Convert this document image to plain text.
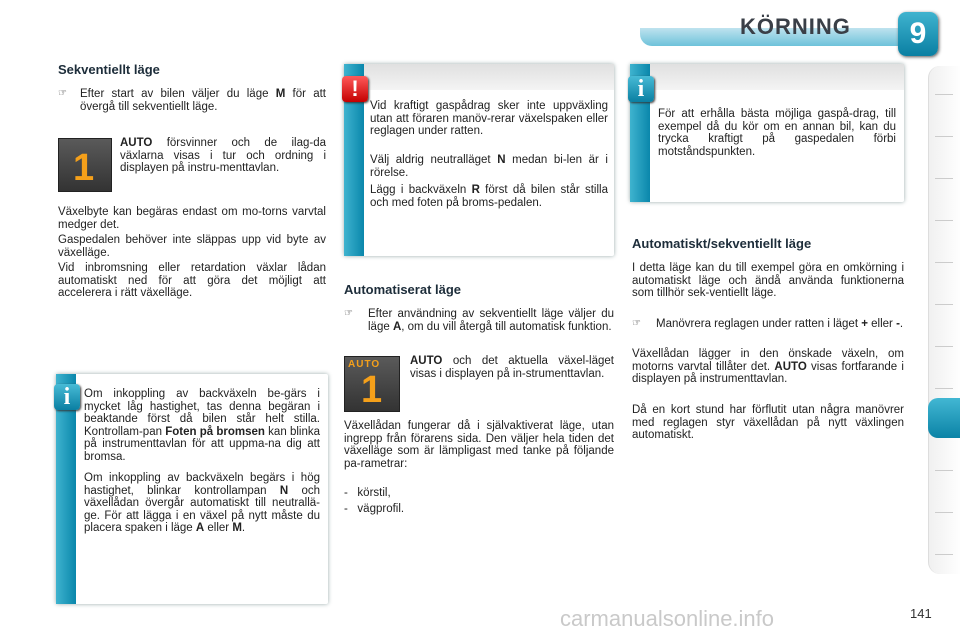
KÖRNING	9
Sekventiellt läge
☞ Efter start av bilen väljer du läge M för att övergå till sekventiellt läge.
1

AUTO försvinner och de ilag-da växlarna visas i tur och ordning i displayen på instru-menttavlan.

Växelbyte kan begäras endast om mo-torns varvtal medger det.

Gaspedalen behöver inte släppas upp vid byte av växelläge.

Vid inbromsning eller retardation växlar lådan automatiskt ned för att göra det möjligt att accelerera i rätt växelläge.

i	Om inkoppling av backväxeln be-gärs i mycket låg hastighet, tas denna begäran i beaktande först då bilen står helt stilla. Kontrollam-pan Foten på bromsen kan blinka på instrumenttavlan för att uppma-na dig att bromsa.

Om inkoppling av backväxeln begärs i hög hastighet, blinkar kontrollampan N och växellådan övergår automatiskt till neutrallä-ge. För att lägga i en växel på nytt måste du placera spaken i läge A eller M.

!

Vid kraftigt gaspådrag sker inte uppväxling utan att föraren manöv-rerar växelspaken eller reglagen under ratten.

Välj aldrig neutralläget N medan bi-len är i rörelse.

Lägg i backväxeln R först då bilen står stilla och med foten på broms-pedalen.

Automatiserat läge
☞ Efter användning av sekventiellt läge väljer du läge A, om du vill återgå till automatisk funktion.
AUTO
1

AUTO och det aktuella växel-läget visas i displayen på in-strumenttavlan.

Växellådan fungerar då i självaktiverat läge, utan ingrepp från förarens sida. Den väljer hela tiden det växelläge som är lämpligast med tanke på följande pa-rametrar:

-   körstil,
-   vägprofil.
i

För att erhålla bästa möjliga gaspå-drag, till exempel då du kör om en annan bil, kan du trycka kraftigt på gaspedalen förbi motståndspunkten.

Automatiskt/sekventiellt läge

I detta läge kan du till exempel göra en omkörning i automatiskt läge och ändå använda funktionerna som tillhör sek-ventiellt läge.

☞ Manövrera reglagen under ratten i läget + eller -.

Växellådan lägger in den önskade växeln, om motorns varvtal tillåter det. AUTO visas fortfarande i displayen på instrumenttavlan.

Då en kort stund har förflutit utan några manövrer med reglagen styr växellådan på nytt växlingen automatiskt.

carmanualsonline.info	141
